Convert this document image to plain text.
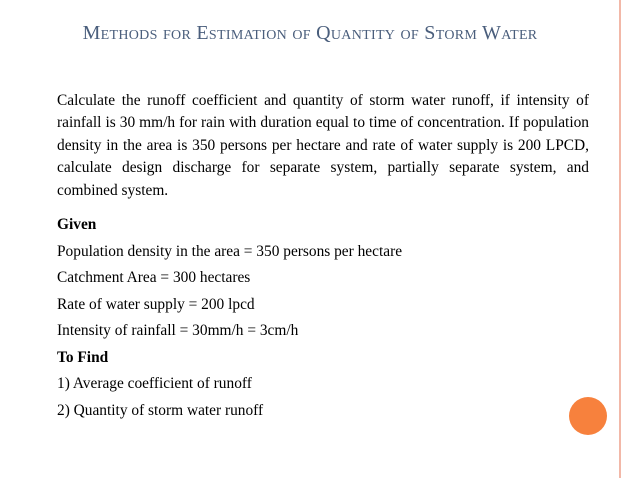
Methods for Estimation of Quantity of Storm Water

Calculate the runoff coefficient and quantity of storm water runoff, if intensity of rainfall is 30 mm/h for rain with duration equal to time of concentration. If population density in the area is 350 persons per hectare and rate of water supply is 200 LPCD, calculate design discharge for separate system, partially separate system, and combined system.

Given

Population density in the area = 350 persons per hectare

Catchment Area = 300 hectares

Rate of water supply = 200 lpcd

Intensity of rainfall = 30mm/h = 3cm/h

To Find

1) Average coefficient of runoff

2) Quantity of storm water runoff
